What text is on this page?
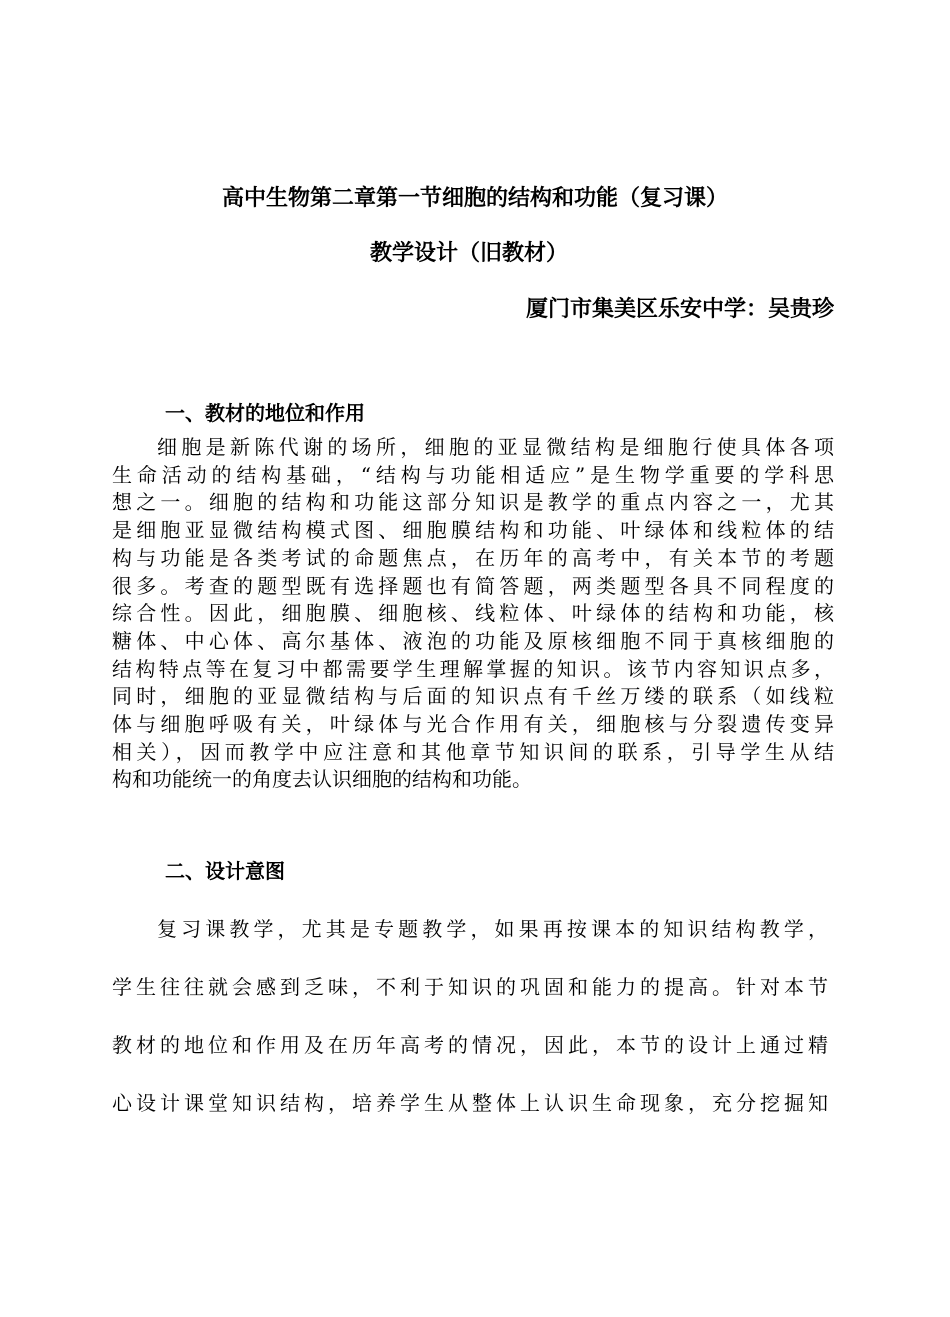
高中生物第二章第一节细胞的结构和功能（复习课）
教学设计（旧教材）
厦门市集美区乐安中学：吴贵珍
一、教材的地位和作用
细胞是新陈代谢的场所，细胞的亚显微结构是细胞行使具体各项
生命活动的结构基础，“结构与功能相适应”是生物学重要的学科思
想之一。细胞的结构和功能这部分知识是教学的重点内容之一，尤其
是细胞亚显微结构模式图、细胞膜结构和功能、叶绿体和线粒体的结
构与功能是各类考试的命题焦点，在历年的高考中，有关本节的考题
很多。考查的题型既有选择题也有简答题，两类题型各具不同程度的
综合性。因此，细胞膜、细胞核、线粒体、叶绿体的结构和功能，核
糖体、中心体、高尔基体、液泡的功能及原核细胞不同于真核细胞的
结构特点等在复习中都需要学生理解掌握的知识。该节内容知识点多，
同时，细胞的亚显微结构与后面的知识点有千丝万缕的联系（如线粒
体与细胞呼吸有关，叶绿体与光合作用有关，细胞核与分裂遗传变异
相关），因而教学中应注意和其他章节知识间的联系，引导学生从结
构和功能统一的角度去认识细胞的结构和功能。
二、设计意图
复习课教学，尤其是专题教学，如果再按课本的知识结构教学，
学生往往就会感到乏味，不利于知识的巩固和能力的提高。针对本节
教材的地位和作用及在历年高考的情况，因此，本节的设计上通过精
心设计课堂知识结构，培养学生从整体上认识生命现象，充分挖掘知
